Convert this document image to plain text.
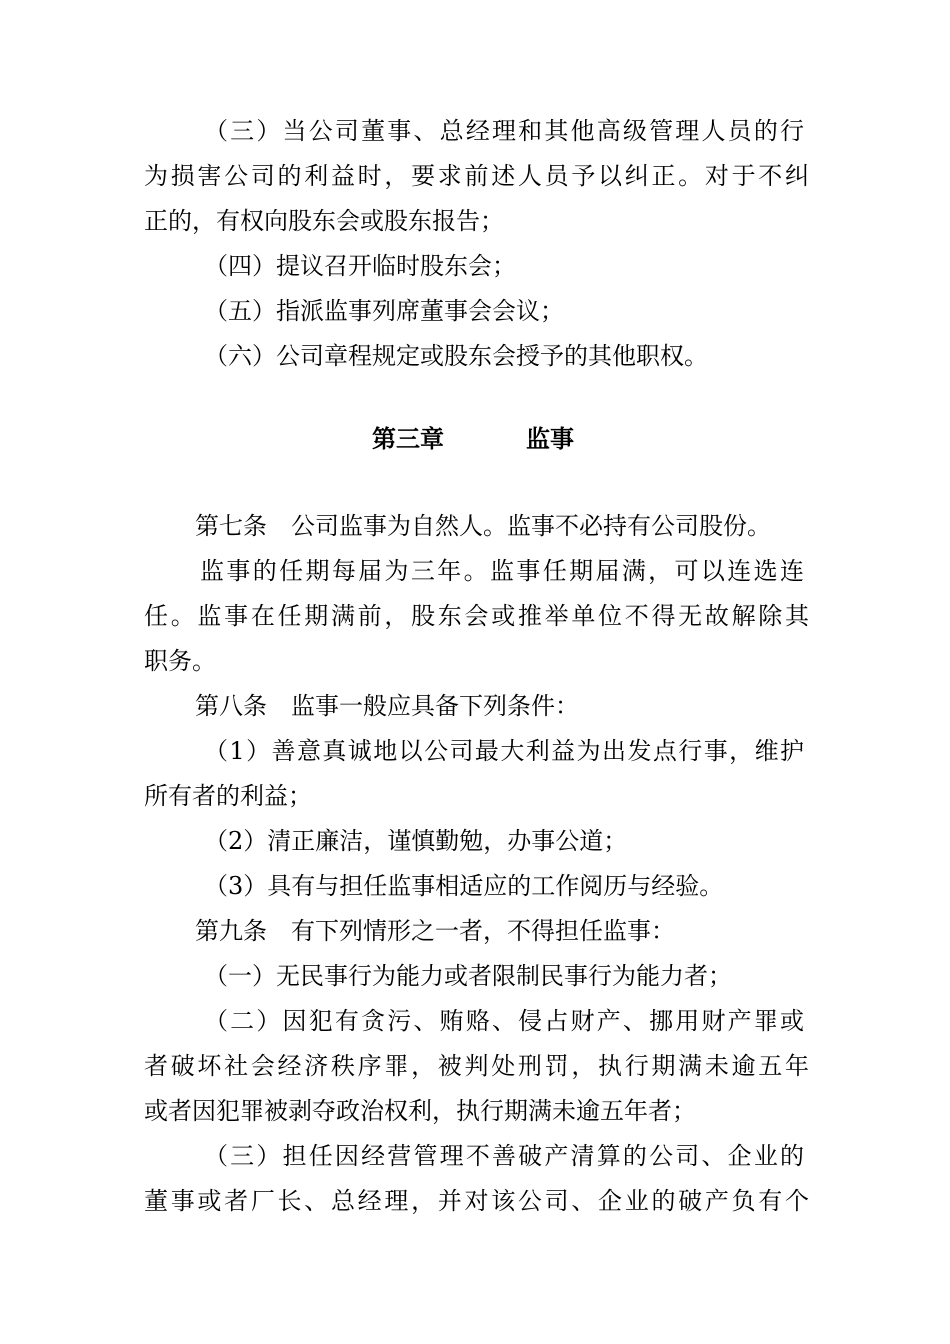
（三）当公司董事、总经理和其他高级管理人员的行
为损害公司的利益时，要求前述人员予以纠正。对于不纠
正的，有权向股东会或股东报告；
（四）提议召开临时股东会；
（五）指派监事列席董事会会议；
（六）公司章程规定或股东会授予的其他职权。
第三章	监事
第七条　公司监事为自然人。监事不必持有公司股份。
监事的任期每届为三年。监事任期届满，可以连选连
任。监事在任期满前，股东会或推举单位不得无故解除其
职务。
第八条　监事一般应具备下列条件：
（1）善意真诚地以公司最大利益为出发点行事，维护
所有者的利益；
（2）清正廉洁，谨慎勤勉，办事公道；
（3）具有与担任监事相适应的工作阅历与经验。
第九条　有下列情形之一者，不得担任监事：
（一）无民事行为能力或者限制民事行为能力者；
（二）因犯有贪污、贿赂、侵占财产、挪用财产罪或
者破坏社会经济秩序罪，被判处刑罚，执行期满未逾五年
或者因犯罪被剥夺政治权利，执行期满未逾五年者；
（三）担任因经营管理不善破产清算的公司、企业的
董事或者厂长、总经理，并对该公司、企业的破产负有个
